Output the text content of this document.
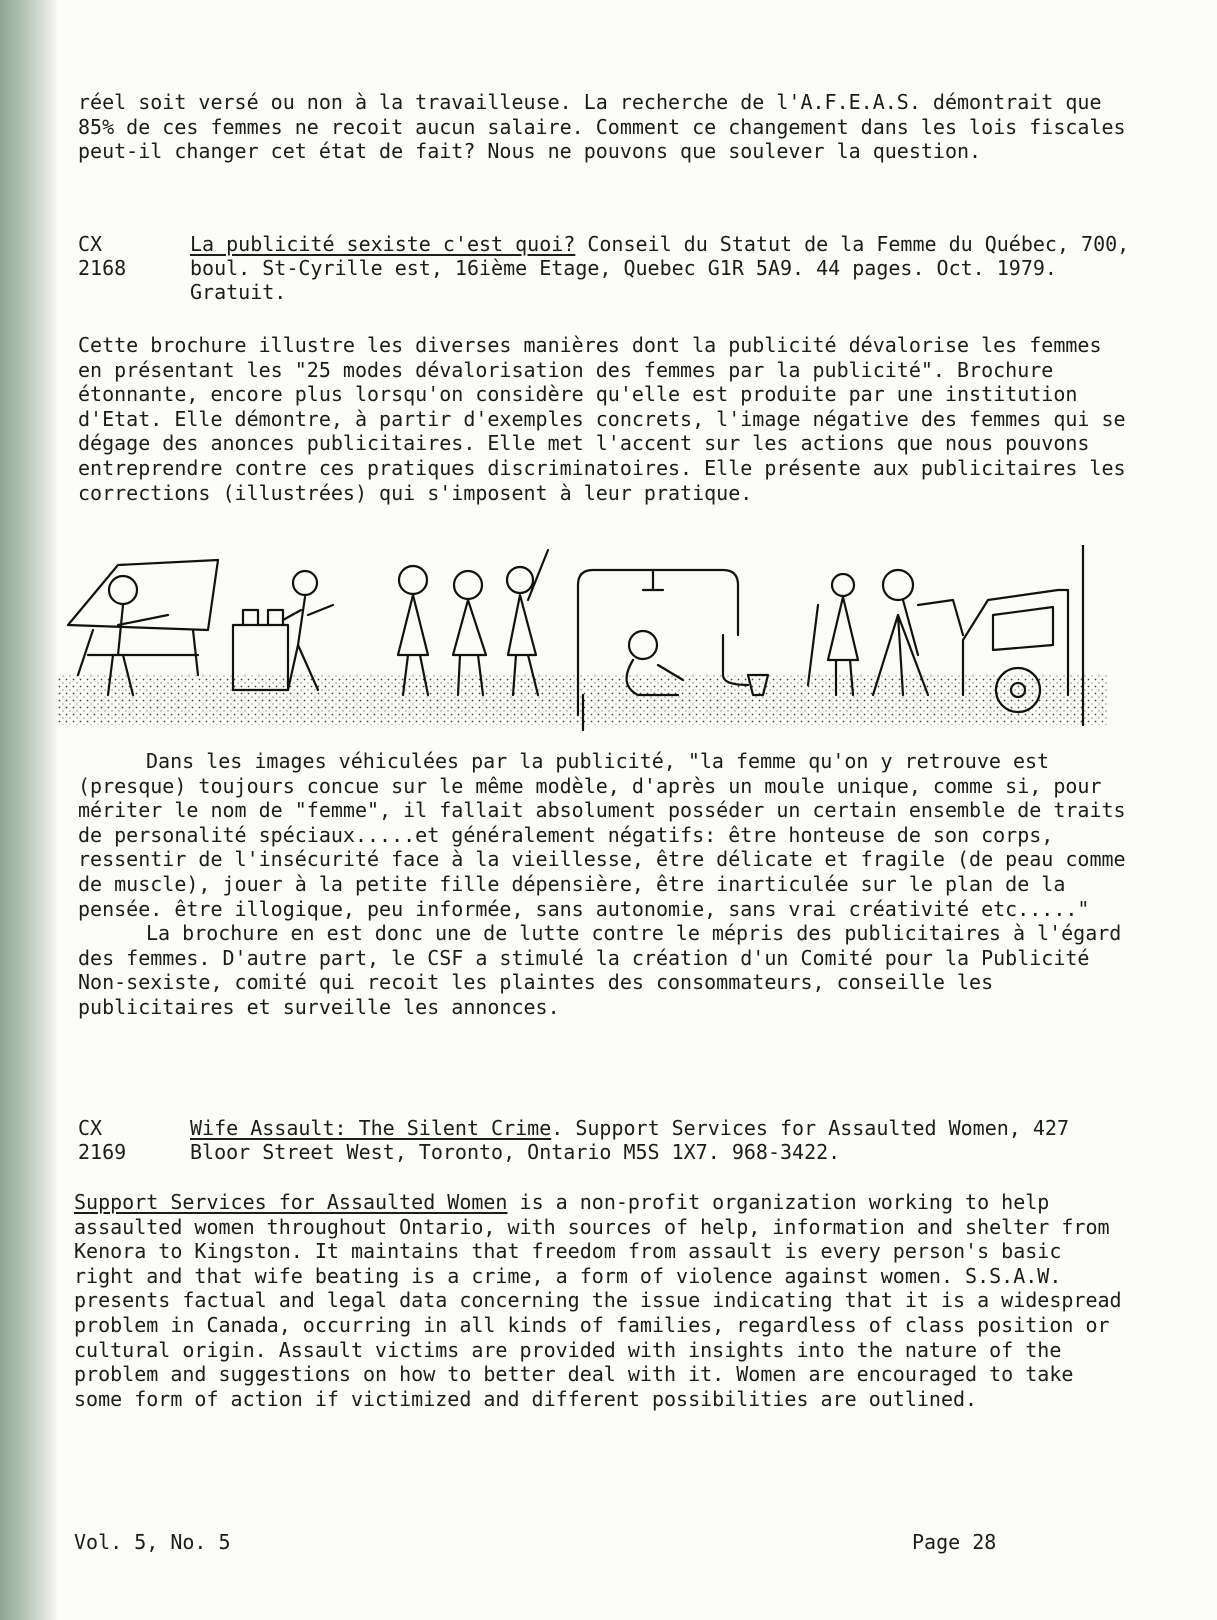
réel soit versé ou non à la travailleuse. La recherche de l'A.F.E.A.S. démontrait que 85% de ces femmes ne recoit aucun salaire. Comment ce changement dans les lois fiscales peut-il changer cet état de fait? Nous ne pouvons que soulever la question.

CX
2168
La publicité sexiste c'est quoi? Conseil du Statut de la Femme du Québec, 700, boul. St-Cyrille est, 16ième Etage, Quebec G1R 5A9. 44 pages. Oct. 1979. Gratuit.

Cette brochure illustre les diverses manières dont la publicité dévalorise les femmes en présentant les "25 modes dévalorisation des femmes par la publicité". Brochure étonnante, encore plus lorsqu'on considère qu'elle est produite par une institution d'Etat. Elle démontre, à partir d'exemples concrets, l'image négative des femmes qui se dégage des anonces publicitaires. Elle met l'accent sur les actions que nous pouvons entreprendre contre ces pratiques discriminatoires. Elle présente aux publicitaires les corrections (illustrées) qui s'imposent à leur pratique.

Dans les images véhiculées par la publicité, "la femme qu'on y retrouve est (presque) toujours concue sur le même modèle, d'après un moule unique, comme si, pour mériter le nom de "femme", il fallait absolument posséder un certain ensemble de traits de personalité spéciaux.....et généralement négatifs: être honteuse de son corps, ressentir de l'insécurité face à la vieillesse, être délicate et fragile (de peau comme de muscle), jouer à la petite fille dépensière, être inarticulée sur le plan de la pensée. être illogique, peu informée, sans autonomie, sans vrai créativité etc....."

La brochure en est donc une de lutte contre le mépris des publicitaires à l'égard des femmes. D'autre part, le CSF a stimulé la création d'un Comité pour la Publicité Non-sexiste, comité qui recoit les plaintes des consommateurs, conseille les publicitaires et surveille les annonces.

CX
2169
Wife Assault: The Silent Crime. Support Services for Assaulted Women, 427 Bloor Street West, Toronto, Ontario M5S 1X7. 968-3422.

Support Services for Assaulted Women is a non-profit organization working to help assaulted women throughout Ontario, with sources of help, information and shelter from Kenora to Kingston. It maintains that freedom from assault is every person's basic right and that wife beating is a crime, a form of violence against women. S.S.A.W. presents factual and legal data concerning the issue indicating that it is a widespread problem in Canada, occurring in all kinds of families, regardless of class position or cultural origin. Assault victims are provided with insights into the nature of the problem and suggestions on how to better deal with it. Women are encouraged to take some form of action if victimized and different possibilities are outlined.

Vol. 5, No. 5	Page 28
